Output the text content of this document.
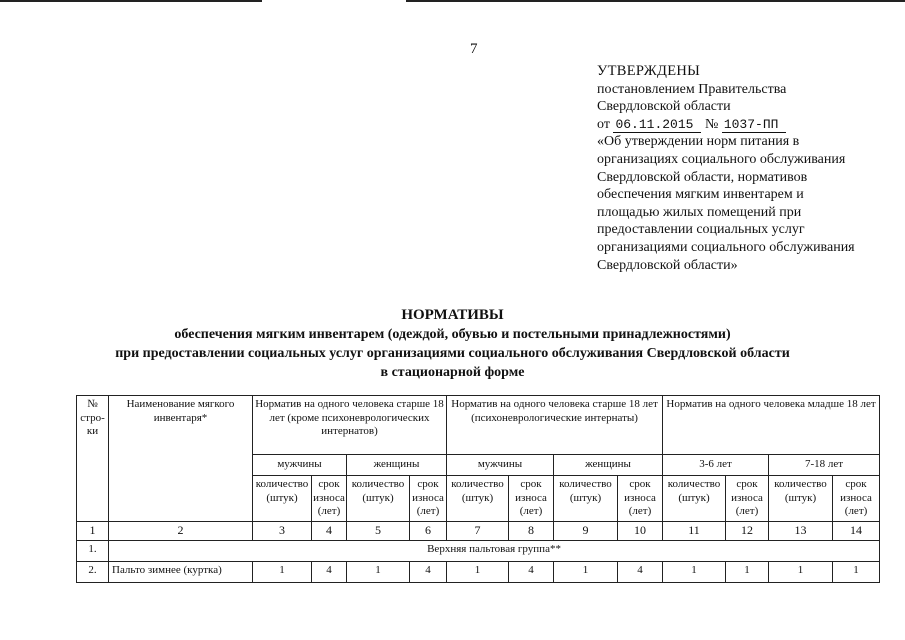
7
УТВЕРЖДЕНЫ
постановлением Правительства
Свердловской области
от 06.11.2015 № 1037-ПП
«Об утверждении норм питания в
организациях социального обслуживания
Свердловской области, нормативов
обеспечения мягким инвентарем и
площадью жилых помещений при
предоставлении социальных услуг
организациями социального обслуживания
Свердловской области»
НОРМАТИВЫ
обеспечения мягким инвентарем (одеждой, обувью и постельными принадлежностями)
при предоставлении социальных услуг организациями социального обслуживания Свердловской области
в стационарной форме
№ стро-ки	Наименование мягкого инвентаря*	Норматив на одного человека старше 18 лет (кроме психоневрологических интернатов)				Норматив на одного человека старше 18 лет (психоневрологические интернаты)				Норматив на одного человека младше 18 лет			
		мужчины		женщины		мужчины		женщины		3-6 лет		7-18 лет	
		количество (штук)	срок износа (лет)	количество (штук)	срок износа (лет)	количество (штук)	срок износа (лет)	количество (штук)	срок износа (лет)	количество (штук)	срок износа (лет)	количество (штук)	срок износа (лет)
1	2	3	4	5	6	7	8	9	10	11	12	13	14
1.	Верхняя пальтовая группа**												
2.	Пальто зимнее (куртка)	1	4	1	4	1	4	1	4	1	1	1	1
